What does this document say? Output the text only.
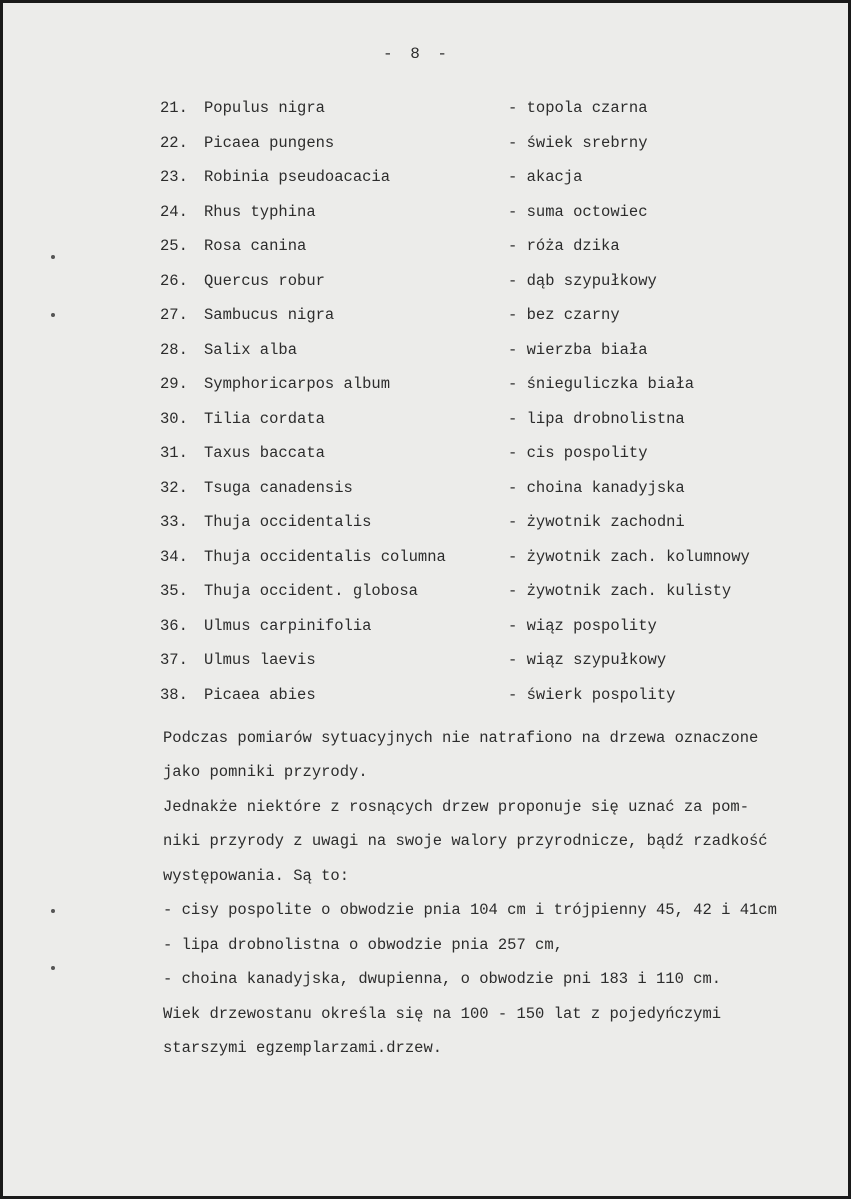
- 8 -
21. Populus nigra	- topola czarna
22. Picaea pungens	- świek srebrny
23. Robinia pseudoacacia	- akacja
24. Rhus typhina	- suma octowiec
25. Rosa canina	- róża dzika
26. Quercus robur	- dąb szypułkowy
27. Sambucus nigra	- bez czarny
28. Salix alba	- wierzba biała
29. Symphoricarpos album	- śnieguliczka biała
30. Tilia cordata	- lipa drobnolistna
31. Taxus baccata	- cis pospolity
32. Tsuga canadensis	- choina kanadyjska
33. Thuja occidentalis	- żywotnik zachodni
34. Thuja occidentalis columna	- żywotnik zach. kolumnowy
35. Thuja occident. globosa	- żywotnik zach. kulisty
36. Ulmus carpinifolia	- wiąz pospolity
37. Ulmus laevis	- wiąz szypułkowy
38. Picaea abies	- świerk pospolity
Podczas pomiarów sytuacyjnych nie natrafiono na drzewa oznaczone
jako pomniki przyrody.
Jednakże niektóre z rosnących drzew proponuje się uznać za pom-
niki przyrody z uwagi na swoje walory przyrodnicze, bądź rzadkość
występowania. Są to:
- cisy pospolite o obwodzie pnia 104 cm i trójpienny 45, 42 i 41cm
- lipa drobnolistna o obwodzie pnia 257 cm,
- choina kanadyjska, dwupienna, o obwodzie pni 183 i 110 cm.
Wiek drzewostanu określa się na 100 - 150 lat z pojedyńczymi
starszymi egzemplarzami.drzew.
